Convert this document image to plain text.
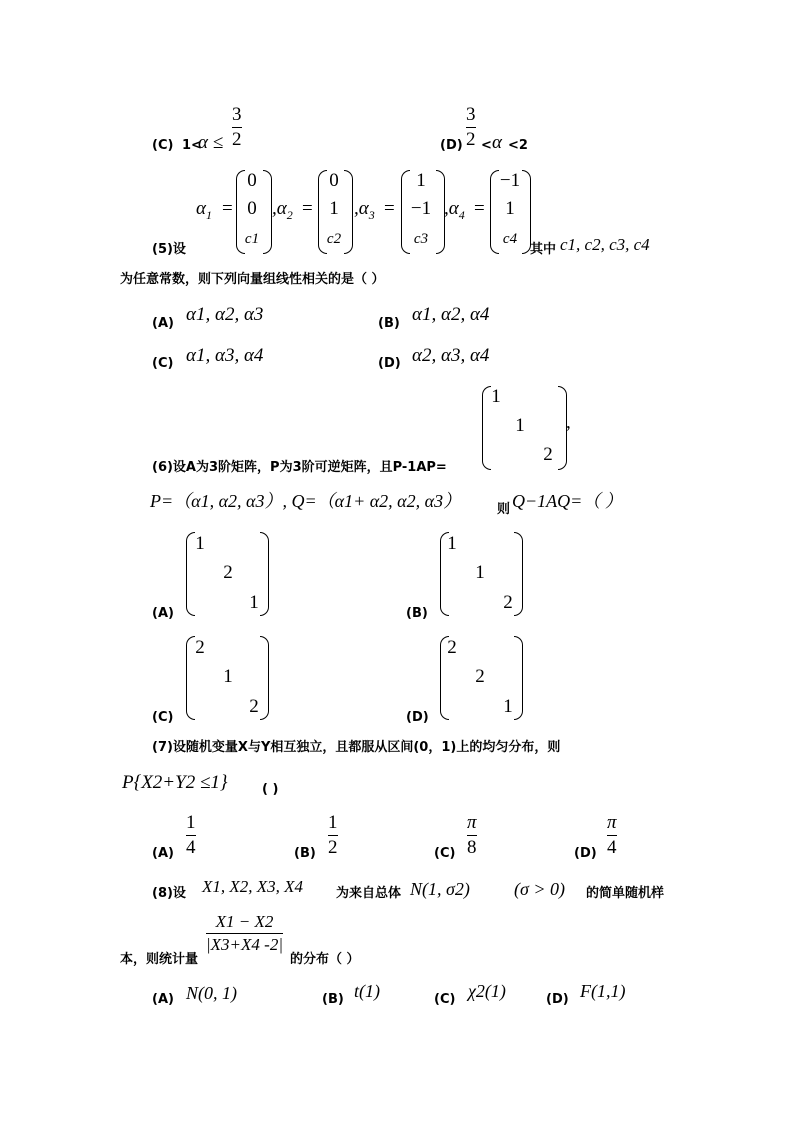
(C) 1<
α ≤
3
2	(D)
3
2 < α <2
(5)设
$\alpha_1$ =
0
0
c1
$,\alpha_2$ =
0
1
c2
$,\alpha_3$ =
1
−1
c3
$,\alpha_4$ =
−1
1
c4
其中 c1, c2, c3, c4
为任意常数，则下列向量组线性相关的是（ ）
(A) α1, α2, α3	(B) α1, α2, α4
(C) α1, α3, α4	(D) α2, α3, α4
1
1
2
,
(6)设A为3阶矩阵，P为3阶可逆矩阵，且P-1AP=
P=（α1, α2, α3）, Q=（α1+ α2, α2, α3）	则 Q−1AQ=（ ）
(A)
1
2
1
(B)
1
1
2
(C)
2
1
2
(D)
2
2
1
(7)设随机变量X与Y相互独立，且都服从区间(0，1)上的均匀分布，则
P{X2+Y2 ≤1}	( )
(A)
1
4	(B)
1
2	(C)
π
8	(D)
π
4
(8)设 X1, X2, X3, X4	为来自总体 N(1, σ2) (σ > 0) 的简单随机样
本，则统计量
X1 − X2
|X3+X4 -2|
的分布（ ）
(A) N(0, 1)	(B) t(1)	(C) χ2(1)	(D) F(1,1)
